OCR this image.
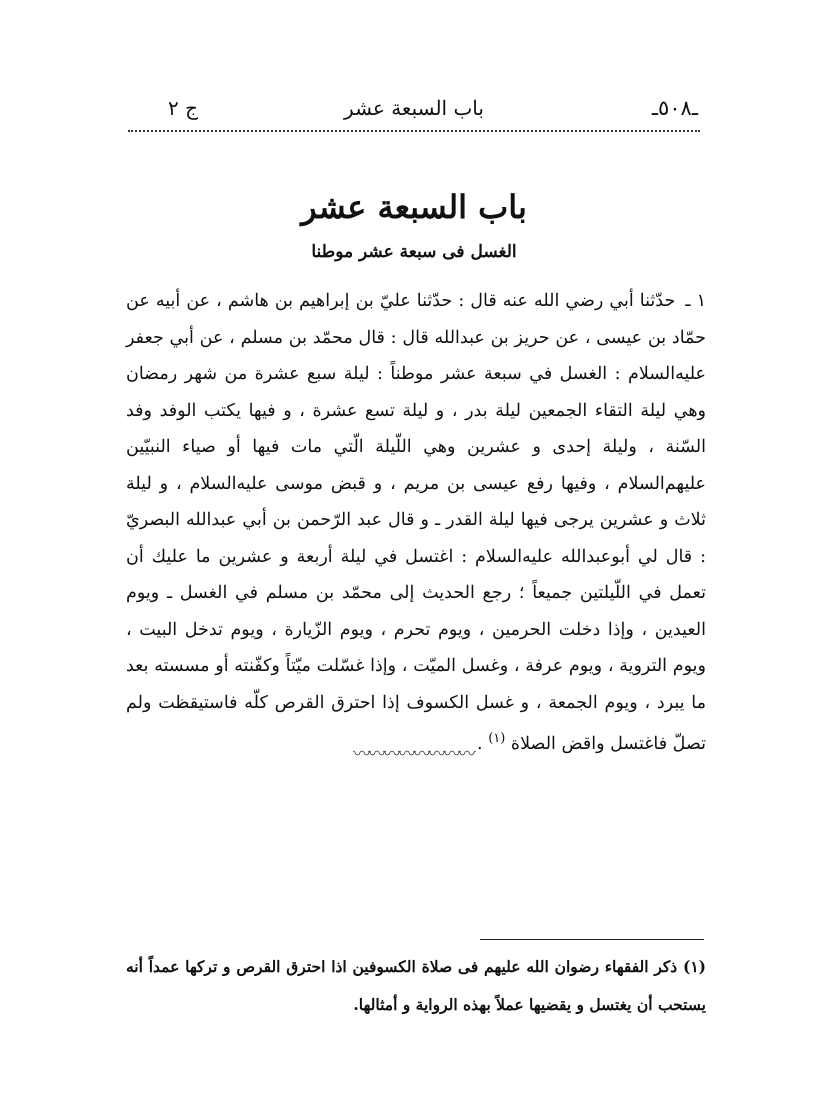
ـ٥٠٨ـ
باب السبعة عشر
ج ٢
باب السبعة عشر
الغسل فى سبعة عشر موطنا

١ ـ حدّثنا أبي رضي الله عنه قال : حدّثنا عليّ بن إبراهيم بن هاشم ، عن أبيه عن حمّاد بن عيسى ، عن حريز بن عبدالله قال : قال محمّد بن مسلم ، عن أبي جعفر عليه‌السلام : الغسل في سبعة عشر موطناً : ليلة سبع عشرة من شهر رمضان وهي ليلة التقاء الجمعين ليلة بدر ، و ليلة تسع عشرة ، و فيها يكتب الوفد وفد السّنة ، وليلة إحدى و عشرين وهي اللّيلة الّتي مات فيها أو صياء النبيّين عليهم‌السلام ، وفيها رفع عيسى بن مريم ، و قبض موسى عليه‌السلام ، و ليلة ثلاث و عشرين يرجى فيها ليلة القدر ـ و قال عبد الرّحمن بن أبي عبدالله البصريّ : قال لي أبوعبدالله عليه‌السلام : اغتسل في ليلة أربعة و عشرين ما عليك أن تعمل في اللّيلتين جميعاً ؛ رجع الحديث إلى محمّد بن مسلم في الغسل ـ ويوم العيدين ، وإذا دخلت الحرمين ، ويوم تحرم ، ويوم الزّيارة ، ويوم تدخل البيت ، ويوم التروية ، ويوم عرفة ، وغسل الميّت ، وإذا غسّلت ميّتاً وكفّنته أو مسسته بعد ما يبرد ، ويوم الجمعة ، و غسل الكسوف إذا احترق القرص كلّه فاستيقظت ولم تصلّ فاغتسل واقض الصلاة $^{(١)}$ .

〰〰〰〰〰〰〰〰

(١) ذكر الفقهاء رضوان الله عليهم فى صلاة الكسوفين اذا احترق القرص و تركها عمداً أنه يستحب أن يغتسل و يقضيها عملاً بهذه الرواية و أمثالها.
